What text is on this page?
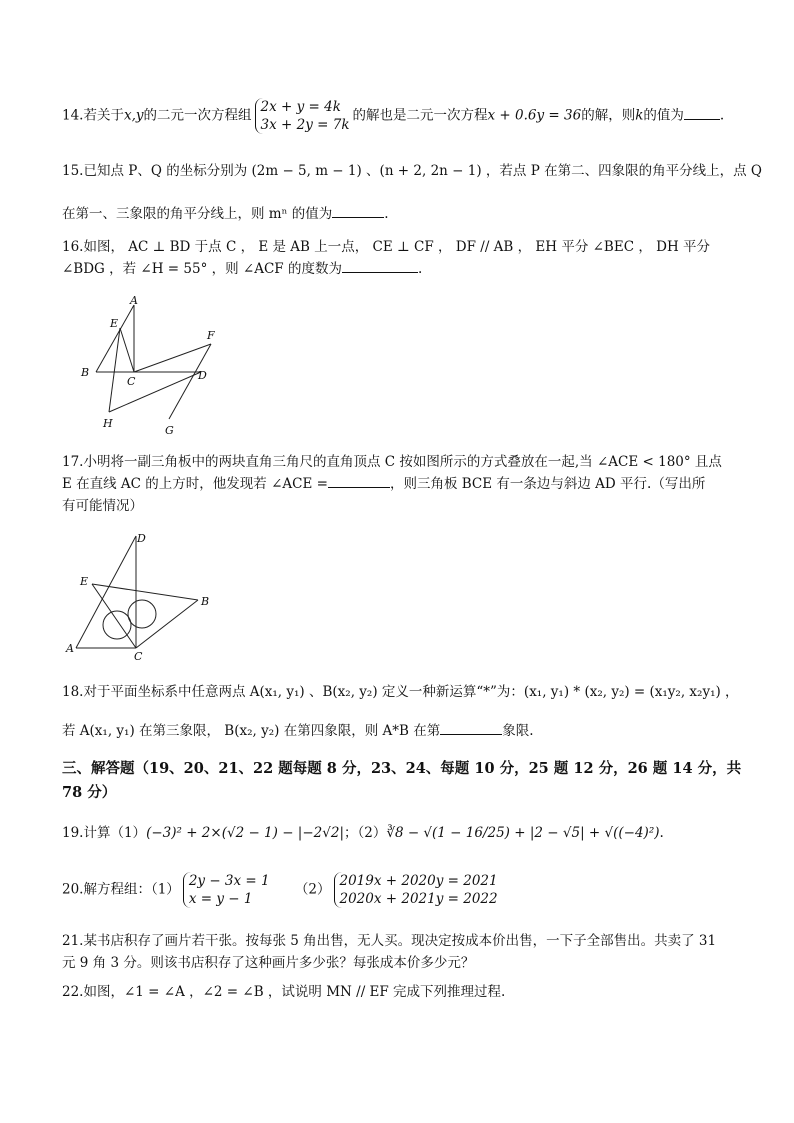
14.若关于x,y的二元一次方程组2x + y = 4k
3x + 2y = 7k的解也是二元一次方程x + 0.6y = 36的解，则k的值为	.
15.已知点 P、Q 的坐标分别为 (2m − 5, m − 1) 、(n + 2, 2n − 1) ，若点 P 在第二、四象限的角平分线上，点 Q
在第一、三象限的角平分线上，则 mⁿ 的值为	.
16.如图， AC ⊥ BD 于点 C ， E 是 AB 上一点， CE ⊥ CF ， DF // AB ， EH 平分 ∠BEC ， DH 平分
∠BDG ，若 ∠H = 55° ，则 ∠ACF 的度数为	.
A
E
F
B
C	D
H
G
17.小明将一副三角板中的两块直角三角尺的直角顶点 C 按如图所示的方式叠放在一起,当 ∠ACE < 180° 且点
E 在直线 AC 的上方时，他发现若 ∠ACE =	，则三角板 BCE 有一条边与斜边 AD 平行.（写出所
有可能情况）
D
E
B
A
C
18.对于平面坐标系中任意两点 A(x₁, y₁) 、B(x₂, y₂) 定义一种新运算“*”为：(x₁, y₁) * (x₂, y₂) = (x₁y₂, x₂y₁) ，
若 A(x₁, y₁) 在第三象限， B(x₂, y₂) 在第四象限，则 A*B 在第	象限.
三、解答题（19、20、21、22 题每题 8 分，23、24、每题 10 分，25 题 12 分，26 题 14 分，共
78 分）
19.计算（1）(−3)² + 2×(√2 − 1) − |−2√2|；（2）∛8 − √(1 − 16/25) + |2 − √5| + √((−4)²).
20.解方程组：（1）2y − 3x = 1
x = y − 1 （2）2019x + 2020y = 2021
2020x + 2021y = 2022
21.某书店积存了画片若干张。按每张 5 角出售，无人买。现决定按成本价出售，一下子全部售出。共卖了 31
元 9 角 3 分。则该书店积存了这种画片多少张？每张成本价多少元？
22.如图，∠1 = ∠A ，∠2 = ∠B ，试说明 MN // EF 完成下列推理过程.
